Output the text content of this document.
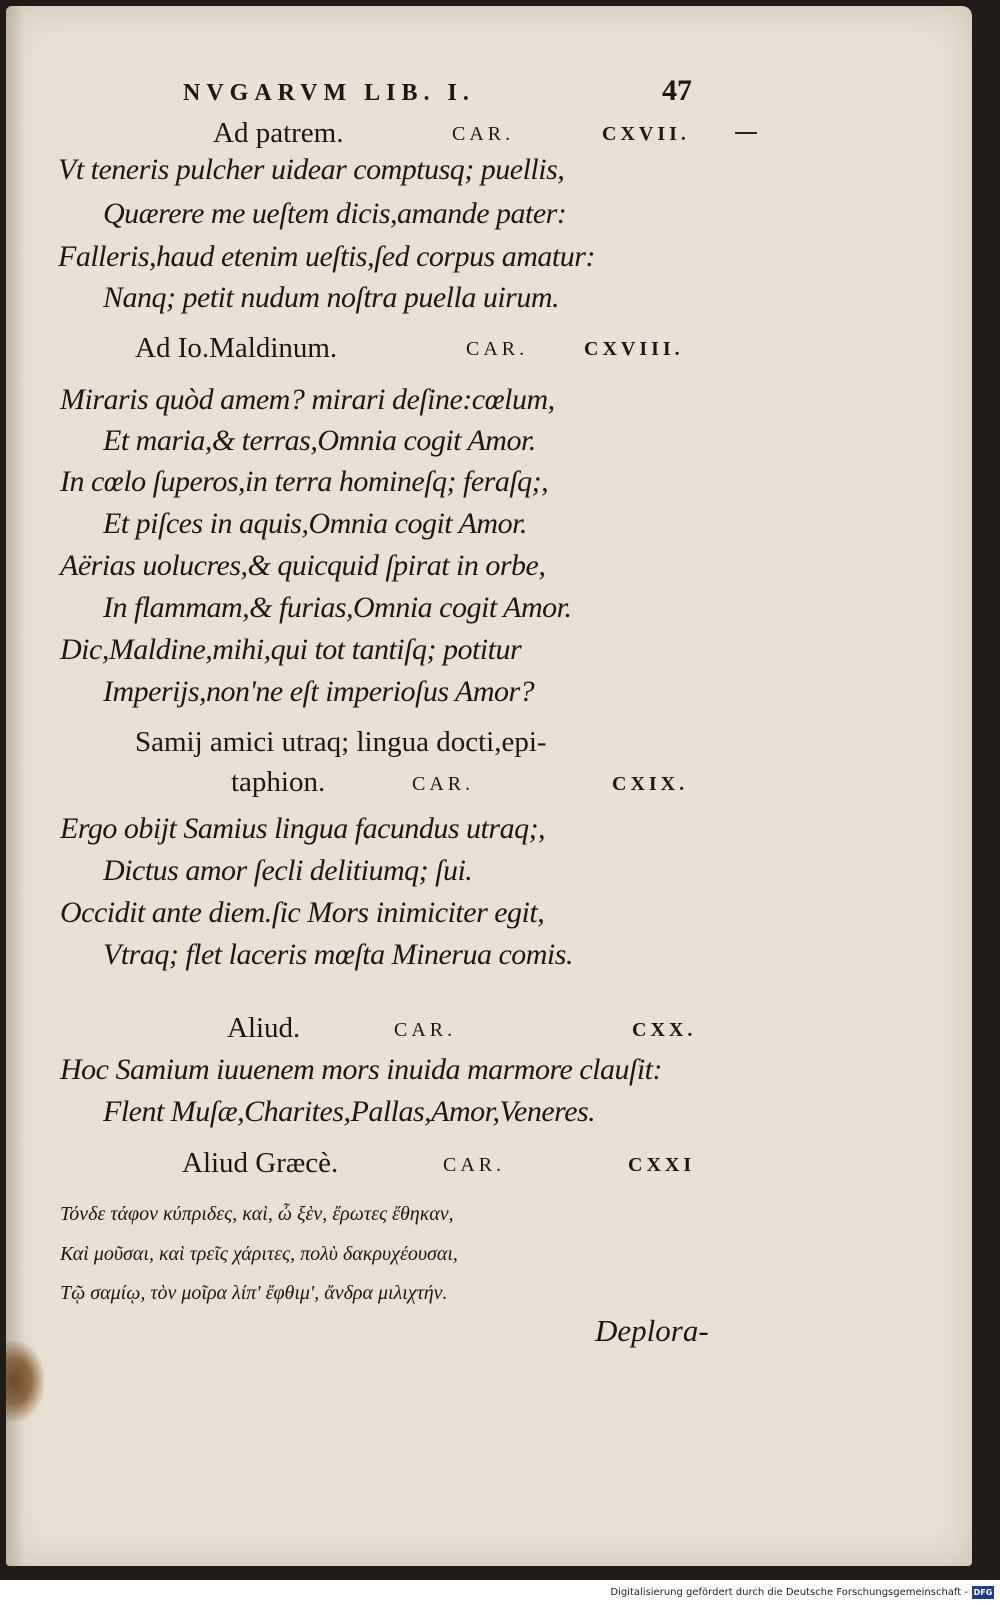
NVGARVM LIB. I.	47
Ad patrem.	CAR.	CXVII.
Vt teneris pulcher uidear comptusq; puellis,
Quærere me ueſtem dicis,amande pater:
Falleris,haud etenim ueſtis,ſed corpus amatur:
Nanq; petit nudum noſtra puella uirum.
Ad Io.Maldinum.	CAR.	CXVIII.
Miraris quòd amem? mirari deſine:cœlum,
Et maria,& terras,Omnia cogit Amor.
In cœlo ſuperos,in terra homineſq; feraſq;,
Et piſces in aquis,Omnia cogit Amor.
Aërias uolucres,& quicquid ſpirat in orbe,
In flammam,& furias,Omnia cogit Amor.
Dic,Maldine,mihi,qui tot tantiſq; potitur
Imperijs,non'ne eſt imperioſus Amor?
Samij amici utraq; lingua docti,epi-
taphion.	CAR.	CXIX.
Ergo obijt Samius lingua facundus utraq;,
Dictus amor ſecli delitiumq; ſui.
Occidit ante diem.ſic Mors inimiciter egit,
Vtraq; flet laceris mœſta Minerua comis.
Aliud.	CAR.	CXX.
Hoc Samium iuuenem mors inuida marmore clauſit:
Flent Muſæ,Charites,Pallas,Amor,Veneres.
Aliud Græcè.	CAR.	CXXI
Τόνδε τάφον κύπριδες, καὶ, ὦ ξὲν, ἔρωτες ἔθηκαν,
Καὶ μοῦσαι, καὶ τρεῖς χάριτες, πολὺ δακρυχέουσαι,
Τῷ σαμίῳ, τὸν μοῖρα λίπ' ἔφθιμ', ἄνδρα μιλιχτήν.
Deplora-
Digitalisierung gefördert durch die Deutsche Forschungsgemeinschaft - DFG
